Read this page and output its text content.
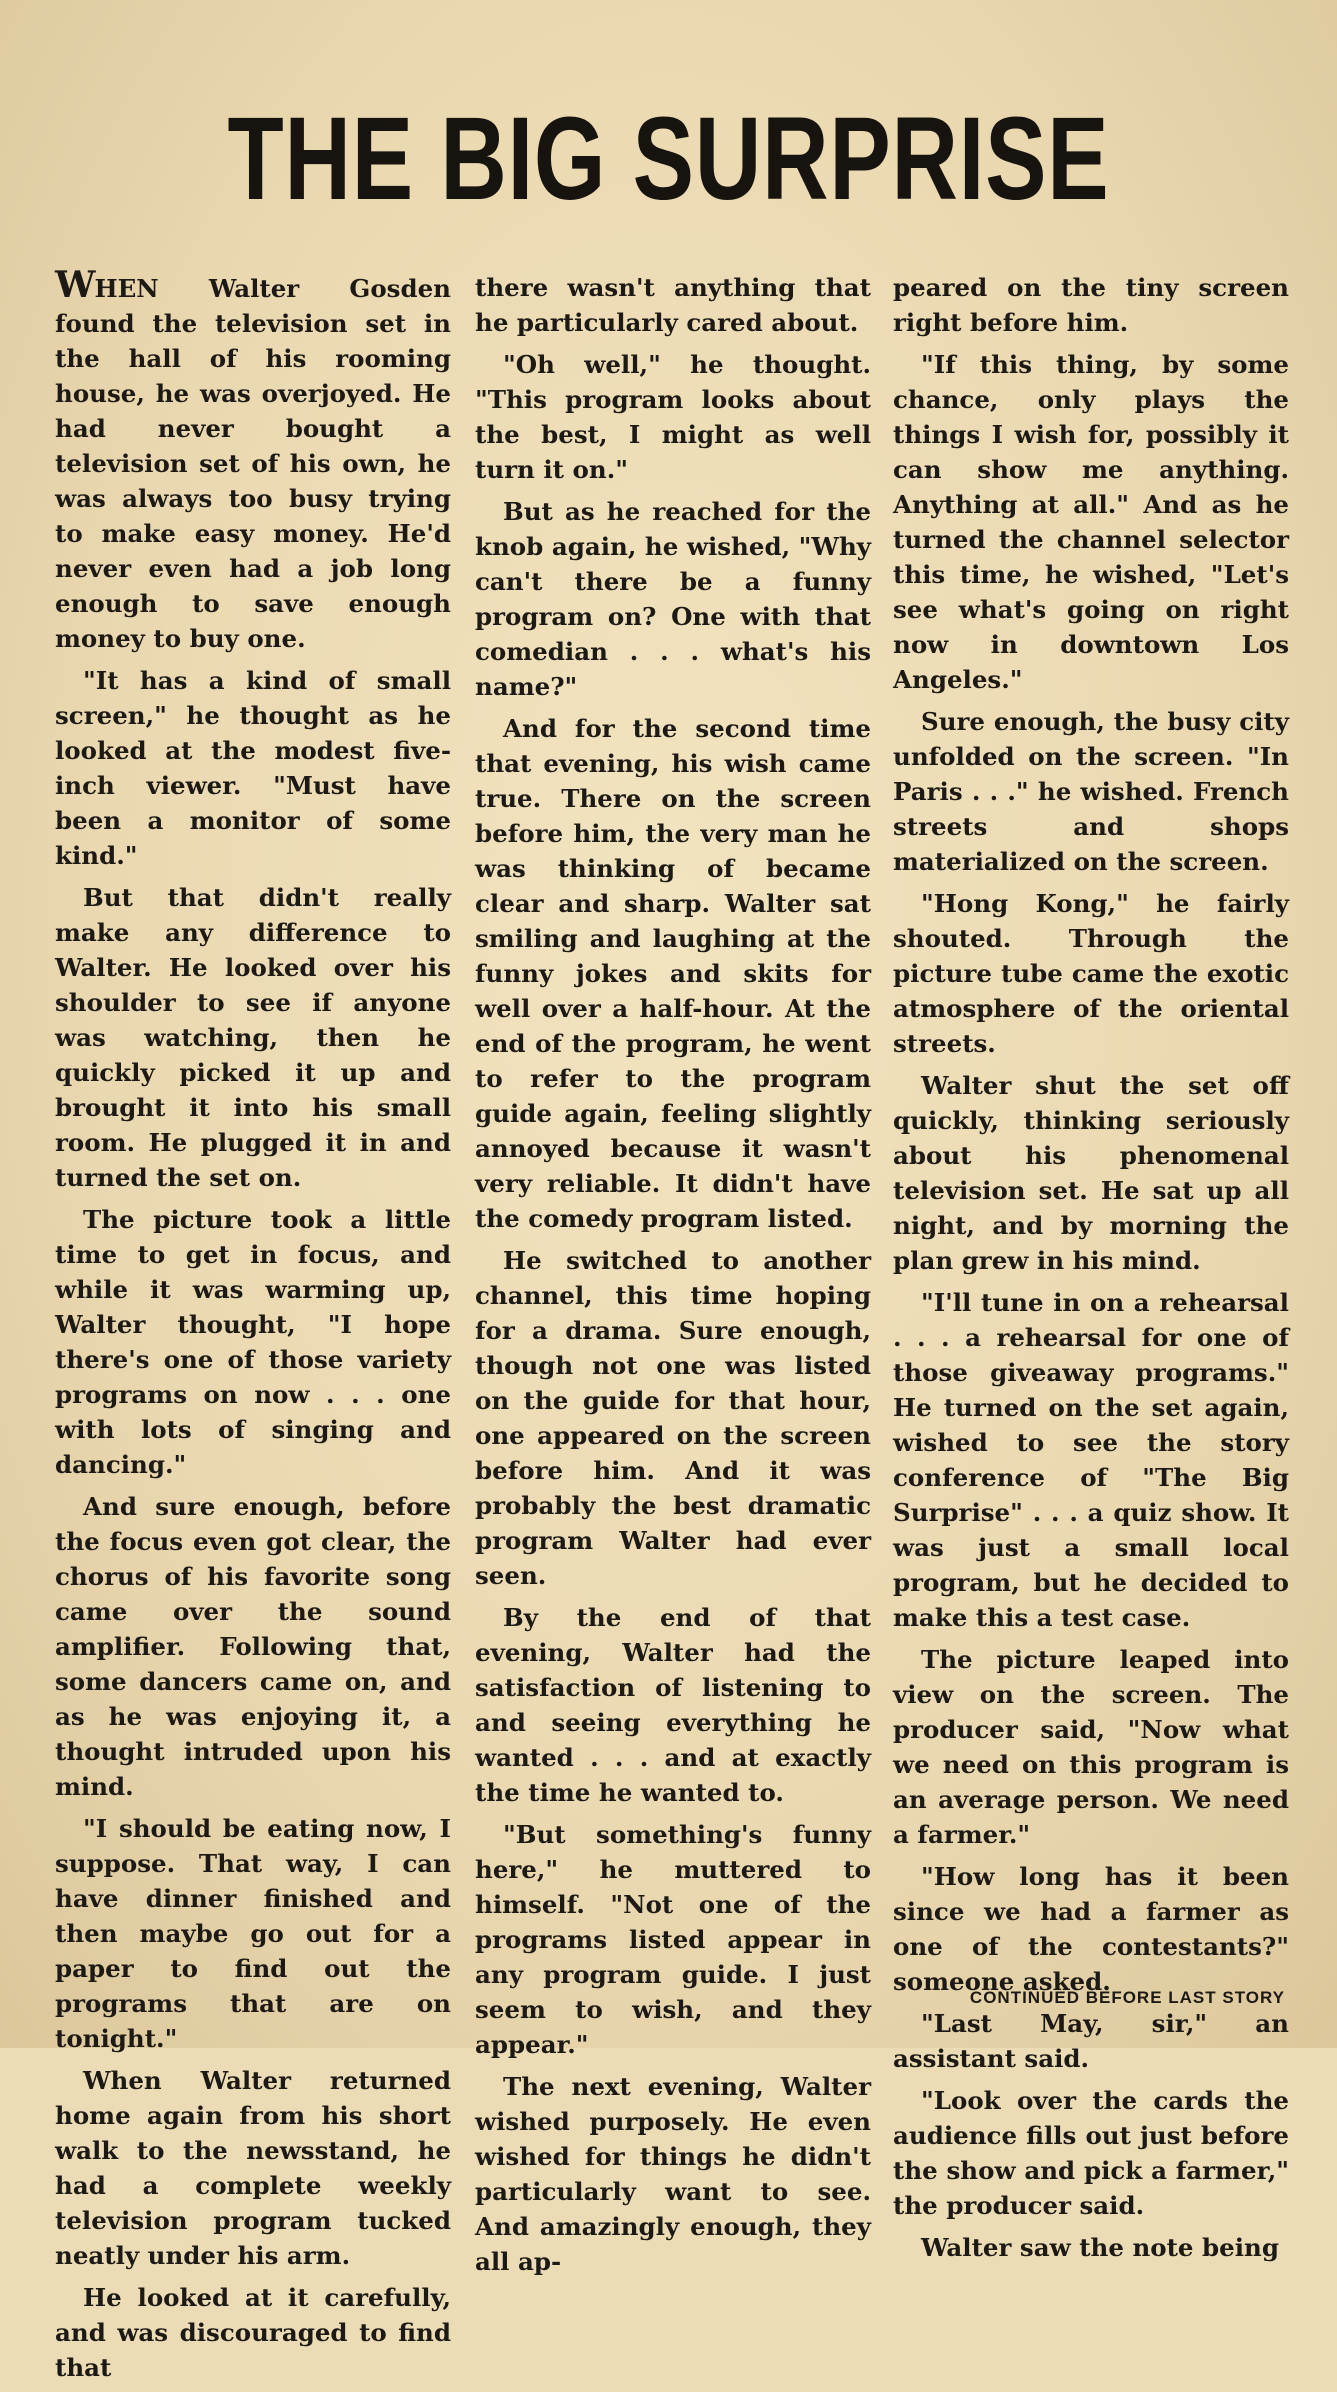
THE BIG SURPRISE

WHEN Walter Gosden found the television set in the hall of his rooming house, he was overjoyed. He had never bought a television set of his own, he was always too busy trying to make easy money. He'd never even had a job long enough to save enough money to buy one.

"It has a kind of small screen," he thought as he looked at the modest five-inch viewer. "Must have been a monitor of some kind."

But that didn't really make any difference to Walter. He looked over his shoulder to see if anyone was watching, then he quickly picked it up and brought it into his small room. He plugged it in and turned the set on.

The picture took a little time to get in focus, and while it was warming up, Walter thought, "I hope there's one of those variety programs on now . . . one with lots of singing and dancing."

And sure enough, before the focus even got clear, the chorus of his favorite song came over the sound amplifier. Following that, some dancers came on, and as he was enjoying it, a thought intruded upon his mind.

"I should be eating now, I suppose. That way, I can have dinner finished and then maybe go out for a paper to find out the programs that are on tonight."

When Walter returned home again from his short walk to the newsstand, he had a complete weekly television program tucked neatly under his arm.

He looked at it carefully, and was discouraged to find that

there wasn't anything that he particularly cared about.

"Oh well," he thought. "This program looks about the best, I might as well turn it on."

But as he reached for the knob again, he wished, "Why can't there be a funny program on? One with that comedian . . . what's his name?"

And for the second time that evening, his wish came true. There on the screen before him, the very man he was thinking of became clear and sharp. Walter sat smiling and laughing at the funny jokes and skits for well over a half-hour. At the end of the program, he went to refer to the program guide again, feeling slightly annoyed because it wasn't very reliable. It didn't have the comedy program listed.

He switched to another channel, this time hoping for a drama. Sure enough, though not one was listed on the guide for that hour, one appeared on the screen before him. And it was probably the best dramatic program Walter had ever seen.

By the end of that evening, Walter had the satisfaction of listening to and seeing everything he wanted . . . and at exactly the time he wanted to.

"But something's funny here," he muttered to himself. "Not one of the programs listed appear in any program guide. I just seem to wish, and they appear."

The next evening, Walter wished purposely. He even wished for things he didn't particularly want to see. And amazingly enough, they all ap-

peared on the tiny screen right before him.

"If this thing, by some chance, only plays the things I wish for, possibly it can show me anything. Anything at all." And as he turned the channel selector this time, he wished, "Let's see what's going on right now in downtown Los Angeles."

Sure enough, the busy city unfolded on the screen. "In Paris . . ." he wished. French streets and shops materialized on the screen.

"Hong Kong," he fairly shouted. Through the picture tube came the exotic atmosphere of the oriental streets.

Walter shut the set off quickly, thinking seriously about his phenomenal television set. He sat up all night, and by morning the plan grew in his mind.

"I'll tune in on a rehearsal . . . a rehearsal for one of those giveaway programs." He turned on the set again, wished to see the story conference of "The Big Surprise" . . . a quiz show. It was just a small local program, but he decided to make this a test case.

The picture leaped into view on the screen. The producer said, "Now what we need on this program is an average person. We need a farmer."

"How long has it been since we had a farmer as one of the contestants?" someone asked.

"Last May, sir," an assistant said.

"Look over the cards the audience fills out just before the show and pick a farmer," the producer said.

Walter saw the note being

CONTINUED BEFORE LAST STORY
